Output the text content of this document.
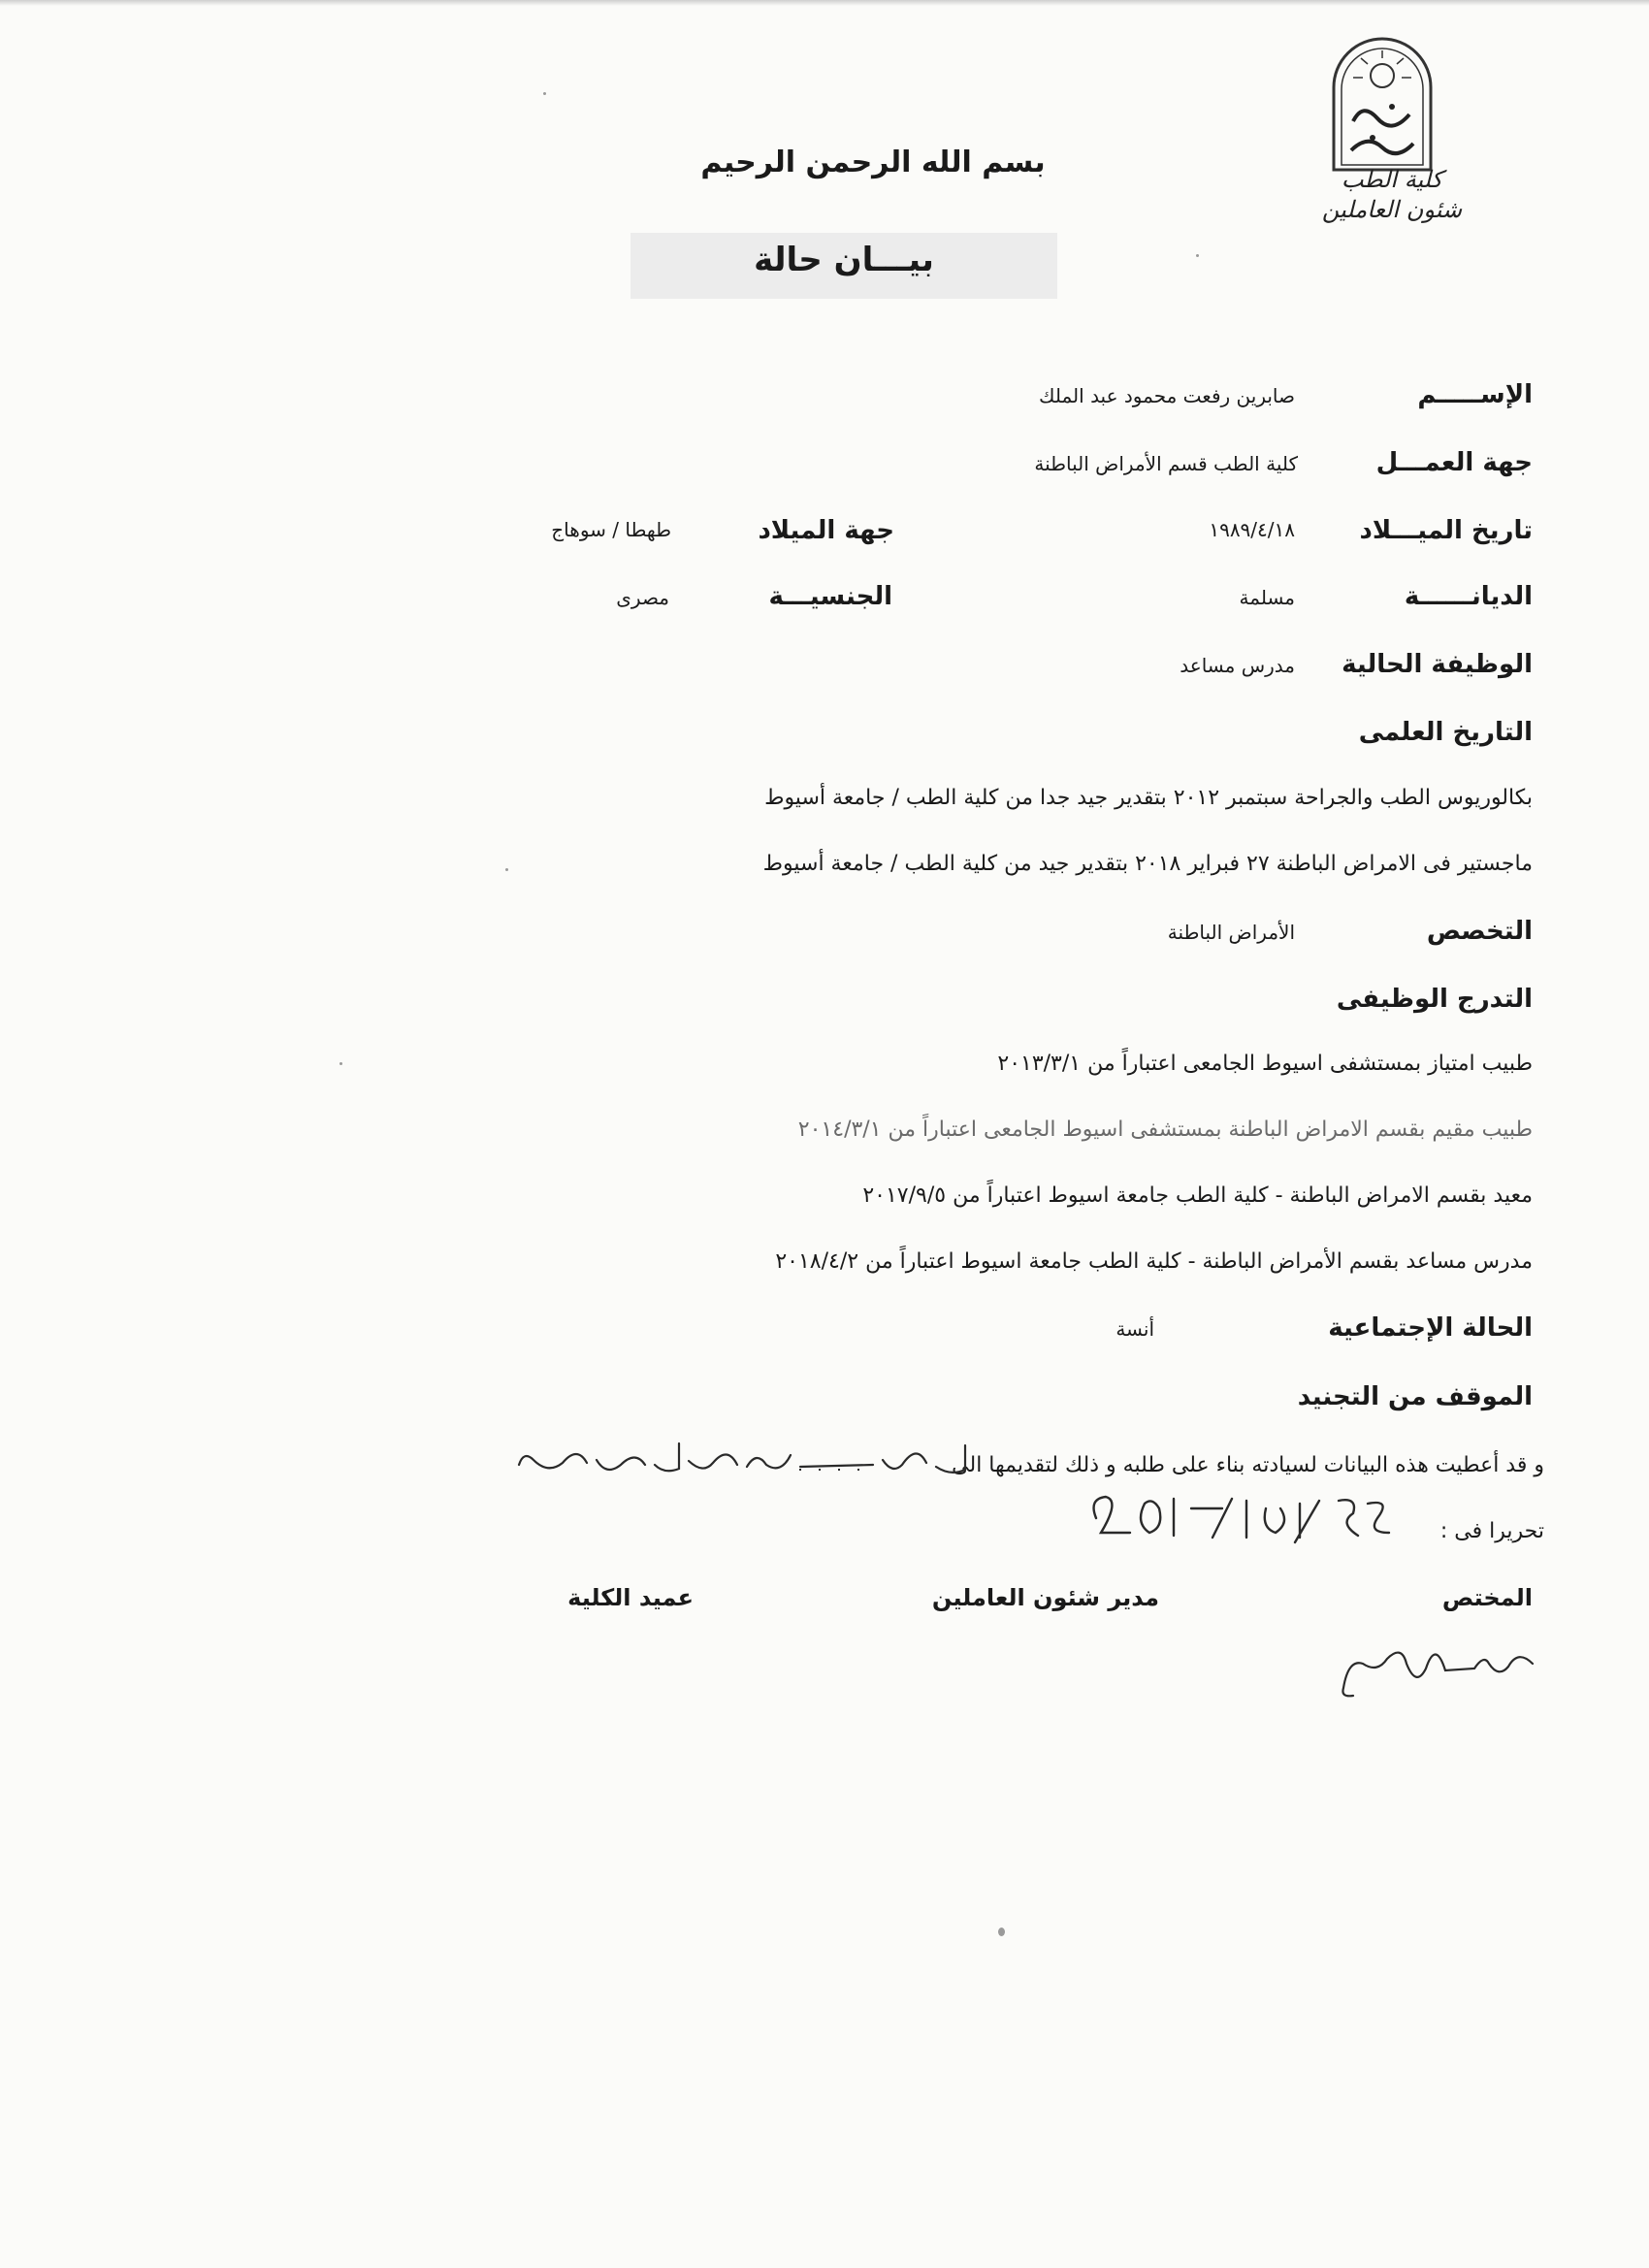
كلية الطب
شئون العاملين
بسم الله الرحمن الرحيم
بيـــان حالة
الإســـــم
صابرين رفعت محمود عبد الملك
جهة العمـــل
كلية الطب قسم الأمراض الباطنة
تاريخ الميـــلاد
١٩٨٩/٤/١٨
جهة الميلاد
طهطا / سوهاج
الديانــــــة
مسلمة
الجنسيـــة
مصرى
الوظيفة الحالية
مدرس مساعد
التاريخ العلمى
بكالوريوس الطب والجراحة سبتمبر ٢٠١٢ بتقدير جيد جدا من كلية الطب / جامعة أسيوط
ماجستير فى الامراض الباطنة ٢٧ فبراير ٢٠١٨ بتقدير جيد من كلية الطب / جامعة أسيوط
التخصص
الأمراض الباطنة
التدرج الوظيفى
طبيب امتياز بمستشفى اسيوط الجامعى اعتباراً من ٢٠١٣/٣/١
طبيب مقيم بقسم الامراض الباطنة بمستشفى اسيوط الجامعى اعتباراً من ٢٠١٤/٣/١
معيد بقسم الامراض الباطنة - كلية الطب جامعة اسيوط اعتباراً من ٢٠١٧/٩/٥
مدرس مساعد بقسم الأمراض الباطنة - كلية الطب جامعة اسيوط اعتباراً من ٢٠١٨/٤/٢
الحالة الإجتماعية
أنسة
الموقف من التجنيد
و قد أعطيت هذه البيانات لسيادته بناء على طلبه و ذلك لتقديمها الى
تحريرا فى :
المختص
مدير شئون العاملين
عميد الكلية
